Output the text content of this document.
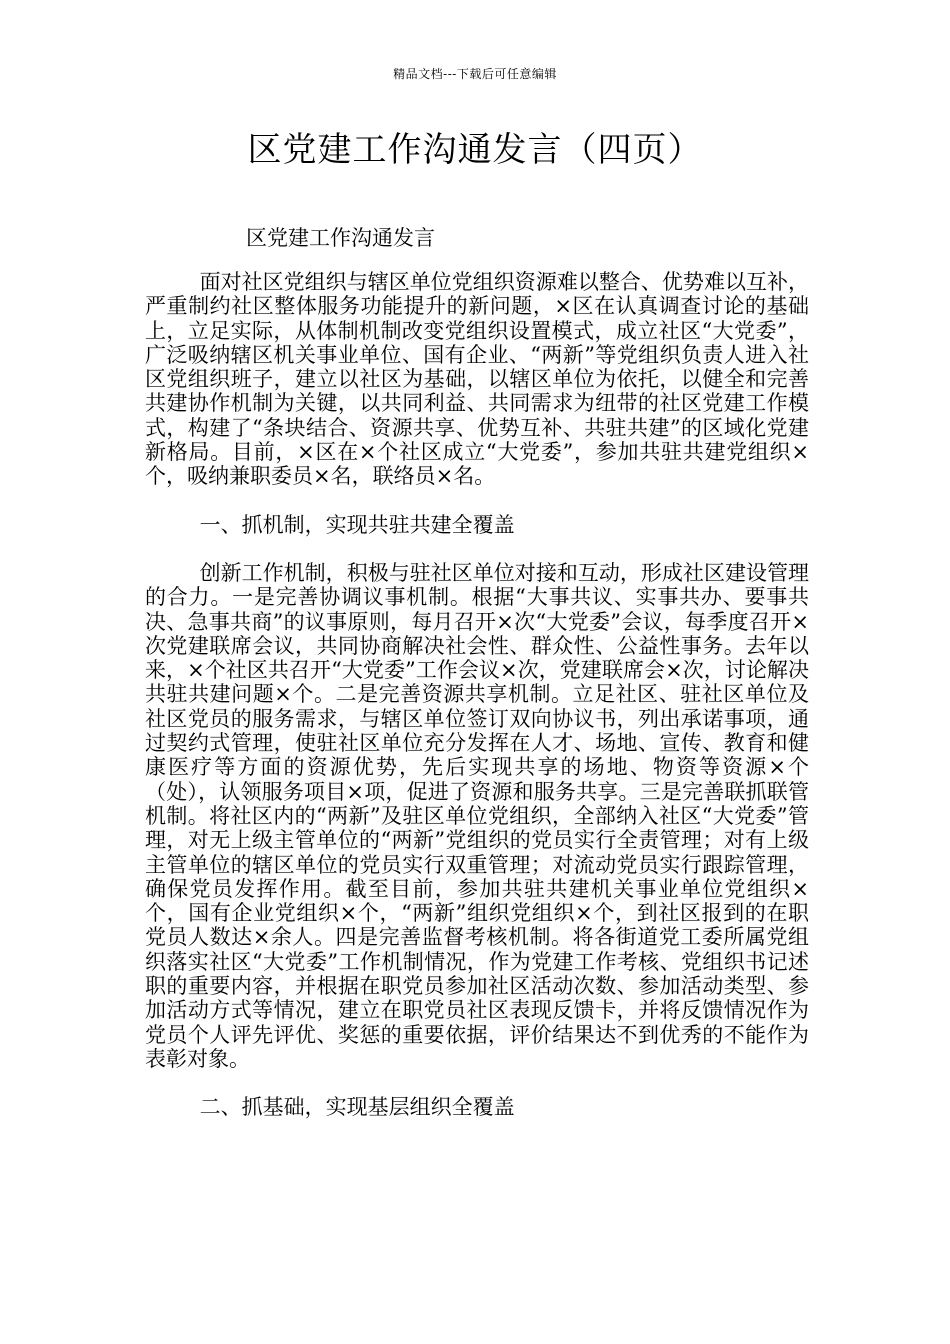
精品文档---下载后可任意编辑
区党建工作沟通发言（四页）
区党建工作沟通发言

面对社区党组织与辖区单位党组织资源难以整合、优势难以互补，严重制约社区整体服务功能提升的新问题，×区在认真调查讨论的基础上，立足实际，从体制机制改变党组织设置模式，成立社区“大党委”，广泛吸纳辖区机关事业单位、国有企业、“两新”等党组织负责人进入社区党组织班子，建立以社区为基础，以辖区单位为依托，以健全和完善共建协作机制为关键，以共同利益、共同需求为纽带的社区党建工作模式，构建了“条块结合、资源共享、优势互补、共驻共建”的区域化党建新格局。目前，×区在×个社区成立“大党委”，参加共驻共建党组织×个，吸纳兼职委员×名，联络员×名。

一、抓机制，实现共驻共建全覆盖

创新工作机制，积极与驻社区单位对接和互动，形成社区建设管理的合力。一是完善协调议事机制。根据“大事共议、实事共办、要事共决、急事共商”的议事原则，每月召开×次“大党委”会议，每季度召开×次党建联席会议，共同协商解决社会性、群众性、公益性事务。去年以来，×个社区共召开“大党委”工作会议×次，党建联席会×次，讨论解决共驻共建问题×个。二是完善资源共享机制。立足社区、驻社区单位及社区党员的服务需求，与辖区单位签订双向协议书，列出承诺事项，通过契约式管理，使驻社区单位充分发挥在人才、场地、宣传、教育和健康医疗等方面的资源优势，先后实现共享的场地、物资等资源×个（处），认领服务项目×项，促进了资源和服务共享。三是完善联抓联管机制。将社区内的“两新”及驻区单位党组织，全部纳入社区“大党委”管理，对无上级主管单位的“两新”党组织的党员实行全责管理；对有上级主管单位的辖区单位的党员实行双重管理；对流动党员实行跟踪管理，确保党员发挥作用。截至目前，参加共驻共建机关事业单位党组织×个，国有企业党组织×个，“两新”组织党组织×个，到社区报到的在职党员人数达×余人。四是完善监督考核机制。将各街道党工委所属党组织落实社区“大党委”工作机制情况，作为党建工作考核、党组织书记述职的重要内容，并根据在职党员参加社区活动次数、参加活动类型、参加活动方式等情况，建立在职党员社区表现反馈卡，并将反馈情况作为党员个人评先评优、奖惩的重要依据，评价结果达不到优秀的不能作为表彰对象。

二、抓基础，实现基层组织全覆盖
